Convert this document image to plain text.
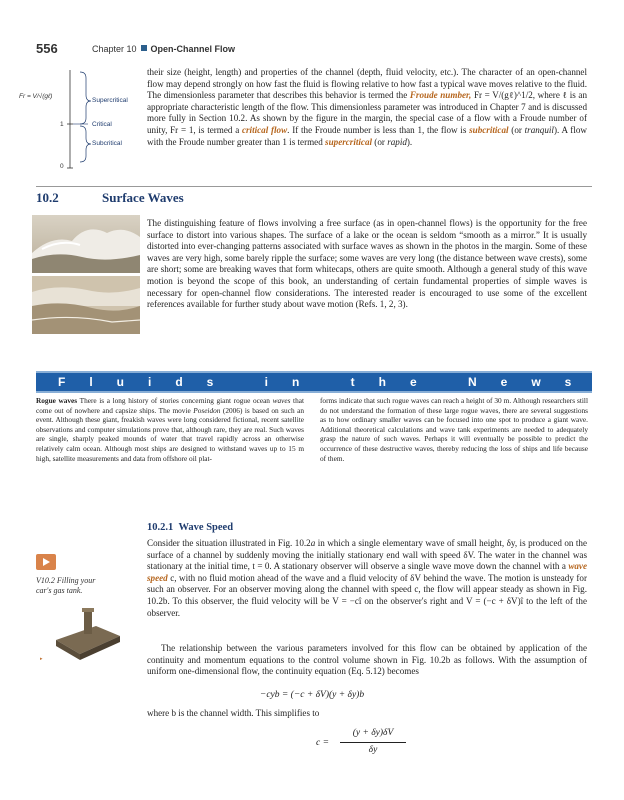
556	Chapter 10 Open-Channel Flow
Fr = V/√(gℓ)
Supercritical
Critical
Subcritical
1
0
their size (height, length) and properties of the channel (depth, fluid velocity, etc.). The character of an open-channel flow may depend strongly on how fast the fluid is flowing relative to how fast a typical wave moves relative to the fluid. The dimensionless parameter that describes this behavior is termed the Froude number, Fr = V/(gℓ)^1/2, where ℓ is an appropriate characteristic length of the flow. This dimensionless parameter was introduced in Chapter 7 and is discussed more fully in Section 10.2. As shown by the figure in the margin, the special case of a flow with a Froude number of unity, Fr = 1, is termed a critical flow. If the Froude number is less than 1, the flow is subcritical (or tranquil). A flow with the Froude number greater than 1 is termed supercritical (or rapid).
10.2	Surface Waves
The distinguishing feature of flows involving a free surface (as in open-channel flows) is the opportunity for the free surface to distort into various shapes. The surface of a lake or the ocean is seldom “smooth as a mirror.” It is usually distorted into ever-changing patterns associated with surface waves as shown in the photos in the margin. Some of these waves are very high, some barely ripple the surface; some waves are very long (the distance between wave crests), some are short; some are breaking waves that form whitecaps, others are quite smooth. Although a general study of this wave motion is beyond the scope of this book, an understanding of certain fundamental properties of simple waves is necessary for open-channel flow considerations. The interested reader is encouraged to use some of the excellent references available for further study about wave motion (Refs. 1, 2, 3).
Fluids in the News
Rogue waves There is a long history of stories concerning giant rogue ocean waves that come out of nowhere and capsize ships. The movie Poseidon (2006) is based on such an event. Although these giant, freakish waves were long considered fictional, recent satellite observations and computer simulations prove that, although rare, they are real. Such waves are single, sharply peaked mounds of water that travel rapidly across an otherwise relatively calm ocean. Although most ships are designed to withstand waves up to 15 m high, satellite measurements and data from offshore oil plat-
forms indicate that such rogue waves can reach a height of 30 m. Although researchers still do not understand the formation of these large rogue waves, there are several suggestions as to how ordinary smaller waves can be focused into one spot to produce a giant wave. Additional theoretical calculations and wave tank experiments are needed to adequately grasp the nature of such waves. Perhaps it will eventually be possible to predict the occurrence of these destructive waves, thereby reducing the loss of ships and life because of them.
10.2.1 Wave Speed
V10.2 Filling your
car's gas tank.
▸
Consider the situation illustrated in Fig. 10.2a in which a single elementary wave of small height, δy, is produced on the surface of a channel by suddenly moving the initially stationary end wall with speed δV. The water in the channel was stationary at the initial time, t = 0. A stationary observer will observe a single wave move down the channel with a wave speed c, with no fluid motion ahead of the wave and a fluid velocity of δV behind the wave. The motion is unsteady for such an observer. For an observer moving along the channel with speed c, the flow will appear steady as shown in Fig. 10.2b. To this observer, the fluid velocity will be V = −cî on the observer's right and V = (−c + δV)î to the left of the observer.
The relationship between the various parameters involved for this flow can be obtained by application of the continuity and momentum equations to the control volume shown in Fig. 10.2b as follows. With the assumption of uniform one-dimensional flow, the continuity equation (Eq. 5.12) becomes
−cyb = (−c + δV)(y + δy)b
where b is the channel width. This simplifies to
c =
(y + δy)δV
δy
